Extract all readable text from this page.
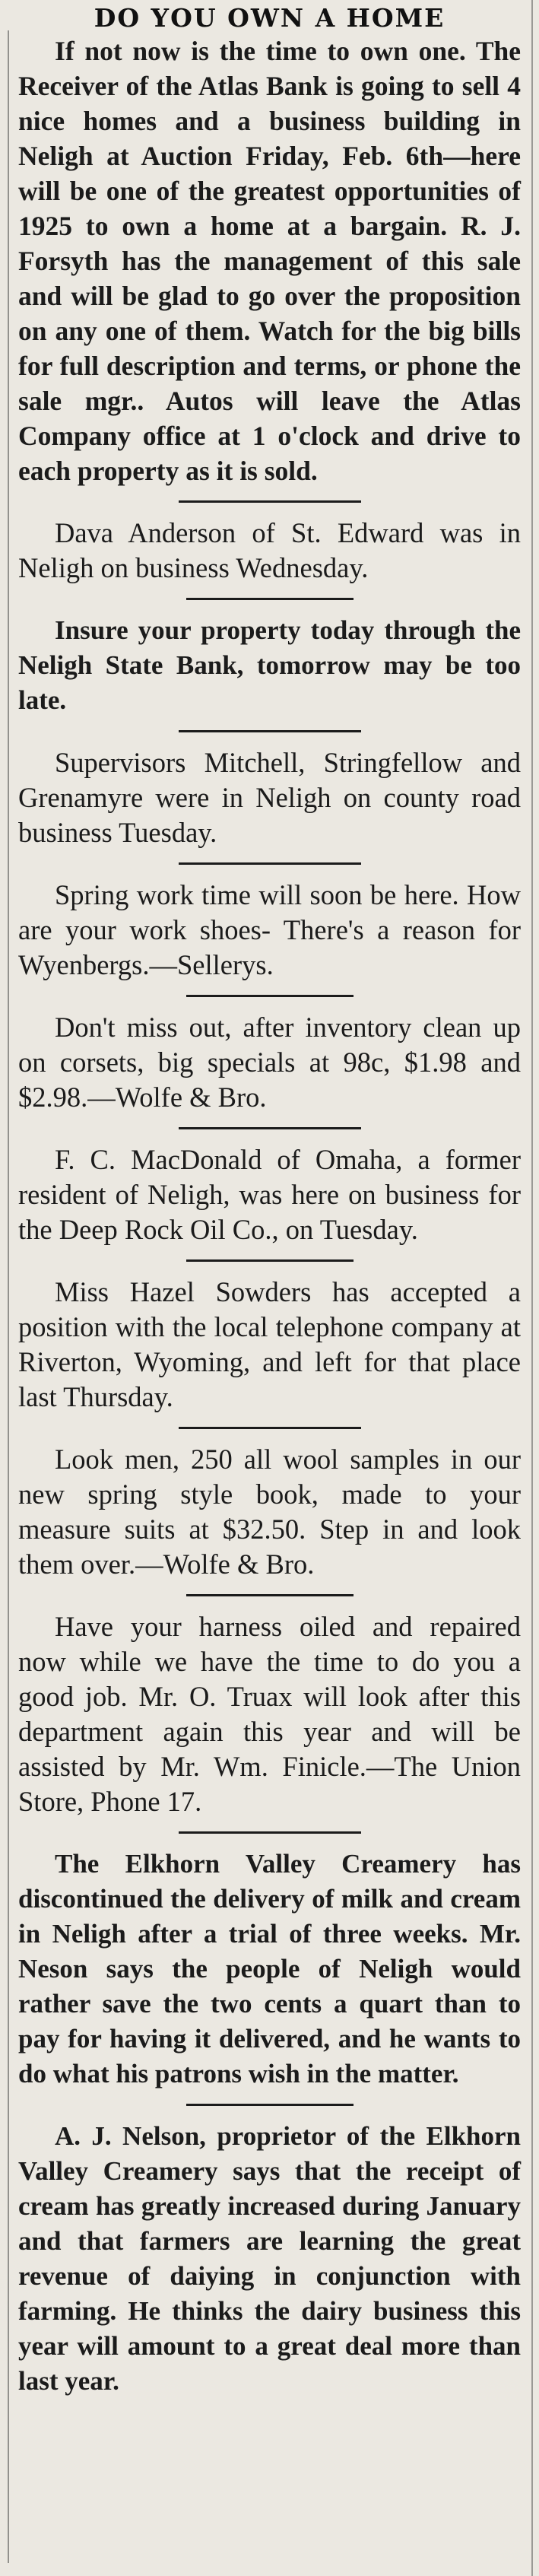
DO YOU OWN A HOME

If not now is the time to own one. The Receiver of the Atlas Bank is going to sell 4 nice homes and a business building in Neligh at Auction Friday, Feb. 6th—here will be one of the greatest opportunities of 1925 to own a home at a bargain. R. J. Forsyth has the management of this sale and will be glad to go over the proposition on any one of them. Watch for the big bills for full description and terms, or phone the sale mgr.. Autos will leave the Atlas Company office at 1 o'clock and drive to each property as it is sold.

Dava Anderson of St. Edward was in Neligh on business Wednesday.

Insure your property today through the Neligh State Bank, tomorrow may be too late.

Supervisors Mitchell, Stringfellow and Grenamyre were in Neligh on county road business Tuesday.

Spring work time will soon be here. How are your work shoes- There's a reason for Wyenbergs.—Sellerys.

Don't miss out, after inventory clean up on corsets, big specials at 98c, $1.98 and $2.98.—Wolfe & Bro.

F. C. MacDonald of Omaha, a former resident of Neligh, was here on business for the Deep Rock Oil Co., on Tuesday.

Miss Hazel Sowders has accepted a position with the local telephone company at Riverton, Wyoming, and left for that place last Thursday.

Look men, 250 all wool samples in our new spring style book, made to your measure suits at $32.50. Step in and look them over.—Wolfe & Bro.

Have your harness oiled and repaired now while we have the time to do you a good job. Mr. O. Truax will look after this department again this year and will be assisted by Mr. Wm. Finicle.—The Union Store, Phone 17.

The Elkhorn Valley Creamery has discontinued the delivery of milk and cream in Neligh after a trial of three weeks. Mr. Neson says the people of Neligh would rather save the two cents a quart than to pay for having it delivered, and he wants to do what his patrons wish in the matter.

A. J. Nelson, proprietor of the Elkhorn Valley Creamery says that the receipt of cream has greatly increased during January and that farmers are learning the great revenue of daiying in conjunction with farming. He thinks the dairy business this year will amount to a great deal more than last year.
